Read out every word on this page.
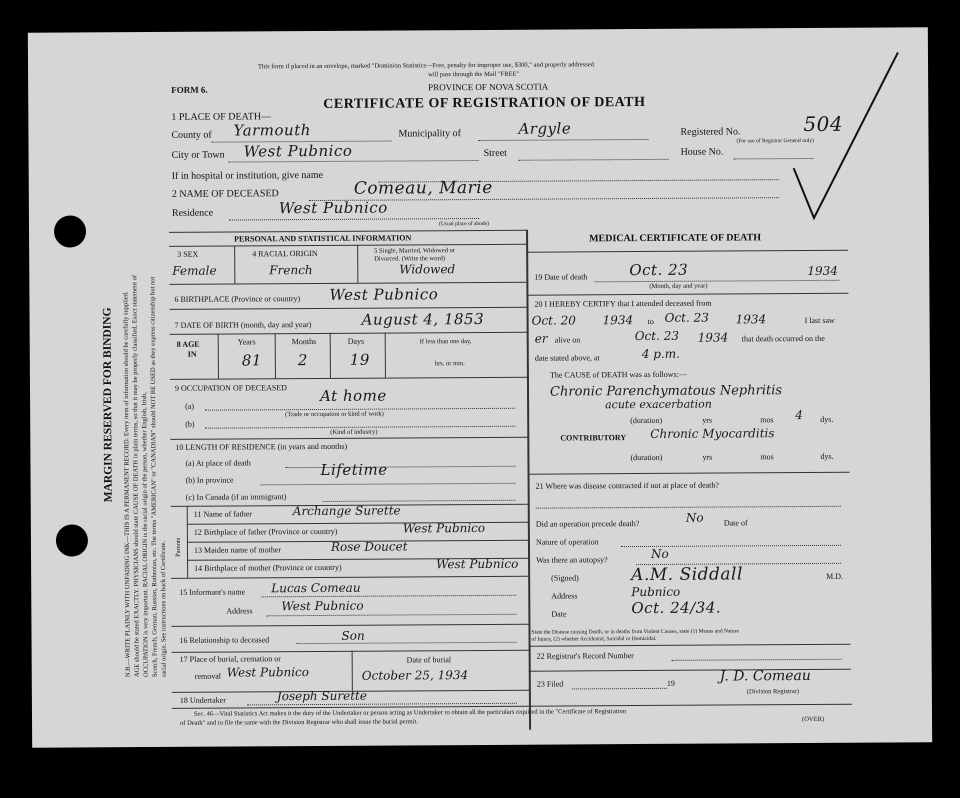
MARGIN RESERVED FOR BINDING N.B.—WRITE PLAINLY WITH UNFADING INK—THIS IS A PERMANENT RECORD. Every item of information should be carefully supplied. AGE should be stated EXACTLY. PHYSICIANS should state CAUSE OF DEATH in plain terms, so that it may be properly classified. Exact statement of OCCUPATION is very important. RACIAL ORIGIN is the racial origin of the person, whether English, Irish, Scotch, French, German, Russian, Ruthenian, etc. The terms "AMERICAN" or "CANADIAN" should NOT BE USED as they express citizenship but not racial origin. See instructions on back of Certificate.
This form if placed in an envelope, marked "Dominion Statistics—Free, penalty for improper use, $300," and properly addressed
will pass through the Mail "FREE"
FORM 6.	PROVINCE OF NOVA SCOTIA
CERTIFICATE OF REGISTRATION OF DEATH
1 PLACE OF DEATH—
County of Yarmouth	Municipality of	Argyle	Registered No.	504
(For use of Registrar General only)
City or Town West Pubnico	Street	House No.
If in hospital or institution, give name
2 NAME OF DECEASED	Comeau, Marie
Residence	West Pubnico
(Usual place of abode)
PERSONAL AND STATISTICAL INFORMATION	MEDICAL CERTIFICATE OF DEATH
3 SEX	4 RACIAL ORIGIN	5 Single, Married, Widowed or
Divorced. (Write the word)
Female	French	Widowed
6 BIRTHPLACE (Province or country) West Pubnico
7 DATE OF BIRTH (month, day and year)	August 4, 1853
8 AGE
IN
Years	Months	Days	If less than one day,
hrs. or min.
81 2	19
9 OCCUPATION OF DECEASED
(a)
At home
(Trade or occupation or kind of work)
(b)
(Kind of industry)
10 LENGTH OF RESIDENCE (in years and months)
(a) At place of death
(b) In province
Lifetime
(c) In Canada (if an immigrant)
Parents
11 Name of father	Archange Surette
12 Birthplace of father (Province or country)	West Pubnico
13 Maiden name of mother	Rose Doucet
14 Birthplace of mother (Province or country)	West Pubnico
15 Informant's name Lucas Comeau
Address West Pubnico
16 Relationship to deceased	Son
17 Place of burial, cremation or
removal West Pubnico
Date of burial
October 25, 1934
18 Undertaker	Joseph Surette
19 Date of death	Oct. 23	1934
(Month, day and year)
20 I HEREBY CERTIFY that I attended deceased from
Oct. 20 1934 to Oct. 23 1934	I last saw
er alive on	Oct. 23 1934 that death occurred on the
date stated above, at	4 p.m.
The CAUSE of DEATH was as follows:—
Chronic Parenchymatous Nephritis
acute exacerbation
(duration)	yrs	mos 4 dys.
CONTRIBUTORY Chronic Myocarditis
(duration)	yrs	mos	dys.
21 Where was disease contracted if not at place of death?
Did an operation precede death?	No	Date of
Nature of operation
Was there an autopsy?	No
(Signed)	A.M. Siddall	M.D.
Address	Pubnico
Date	Oct. 24/34.
State the Disease causing Death, or in deaths from Violent Causes, state (1) Means and Nature
of Injury, (2) whether Accidental, Suicidal or Homicidal.
22 Registrar's Record Number
23 Filed	19	J. D. Comeau
(Division Registrar)
Sec. 46—Vital Statistics Act makes it the duty of the Undertaker or person acting as Undertaker to obtain all the particulars required in the "Certificate of Registration
of Death" and to file the same with the Division Registrar who shall issue the burial permit.	(OVER)
